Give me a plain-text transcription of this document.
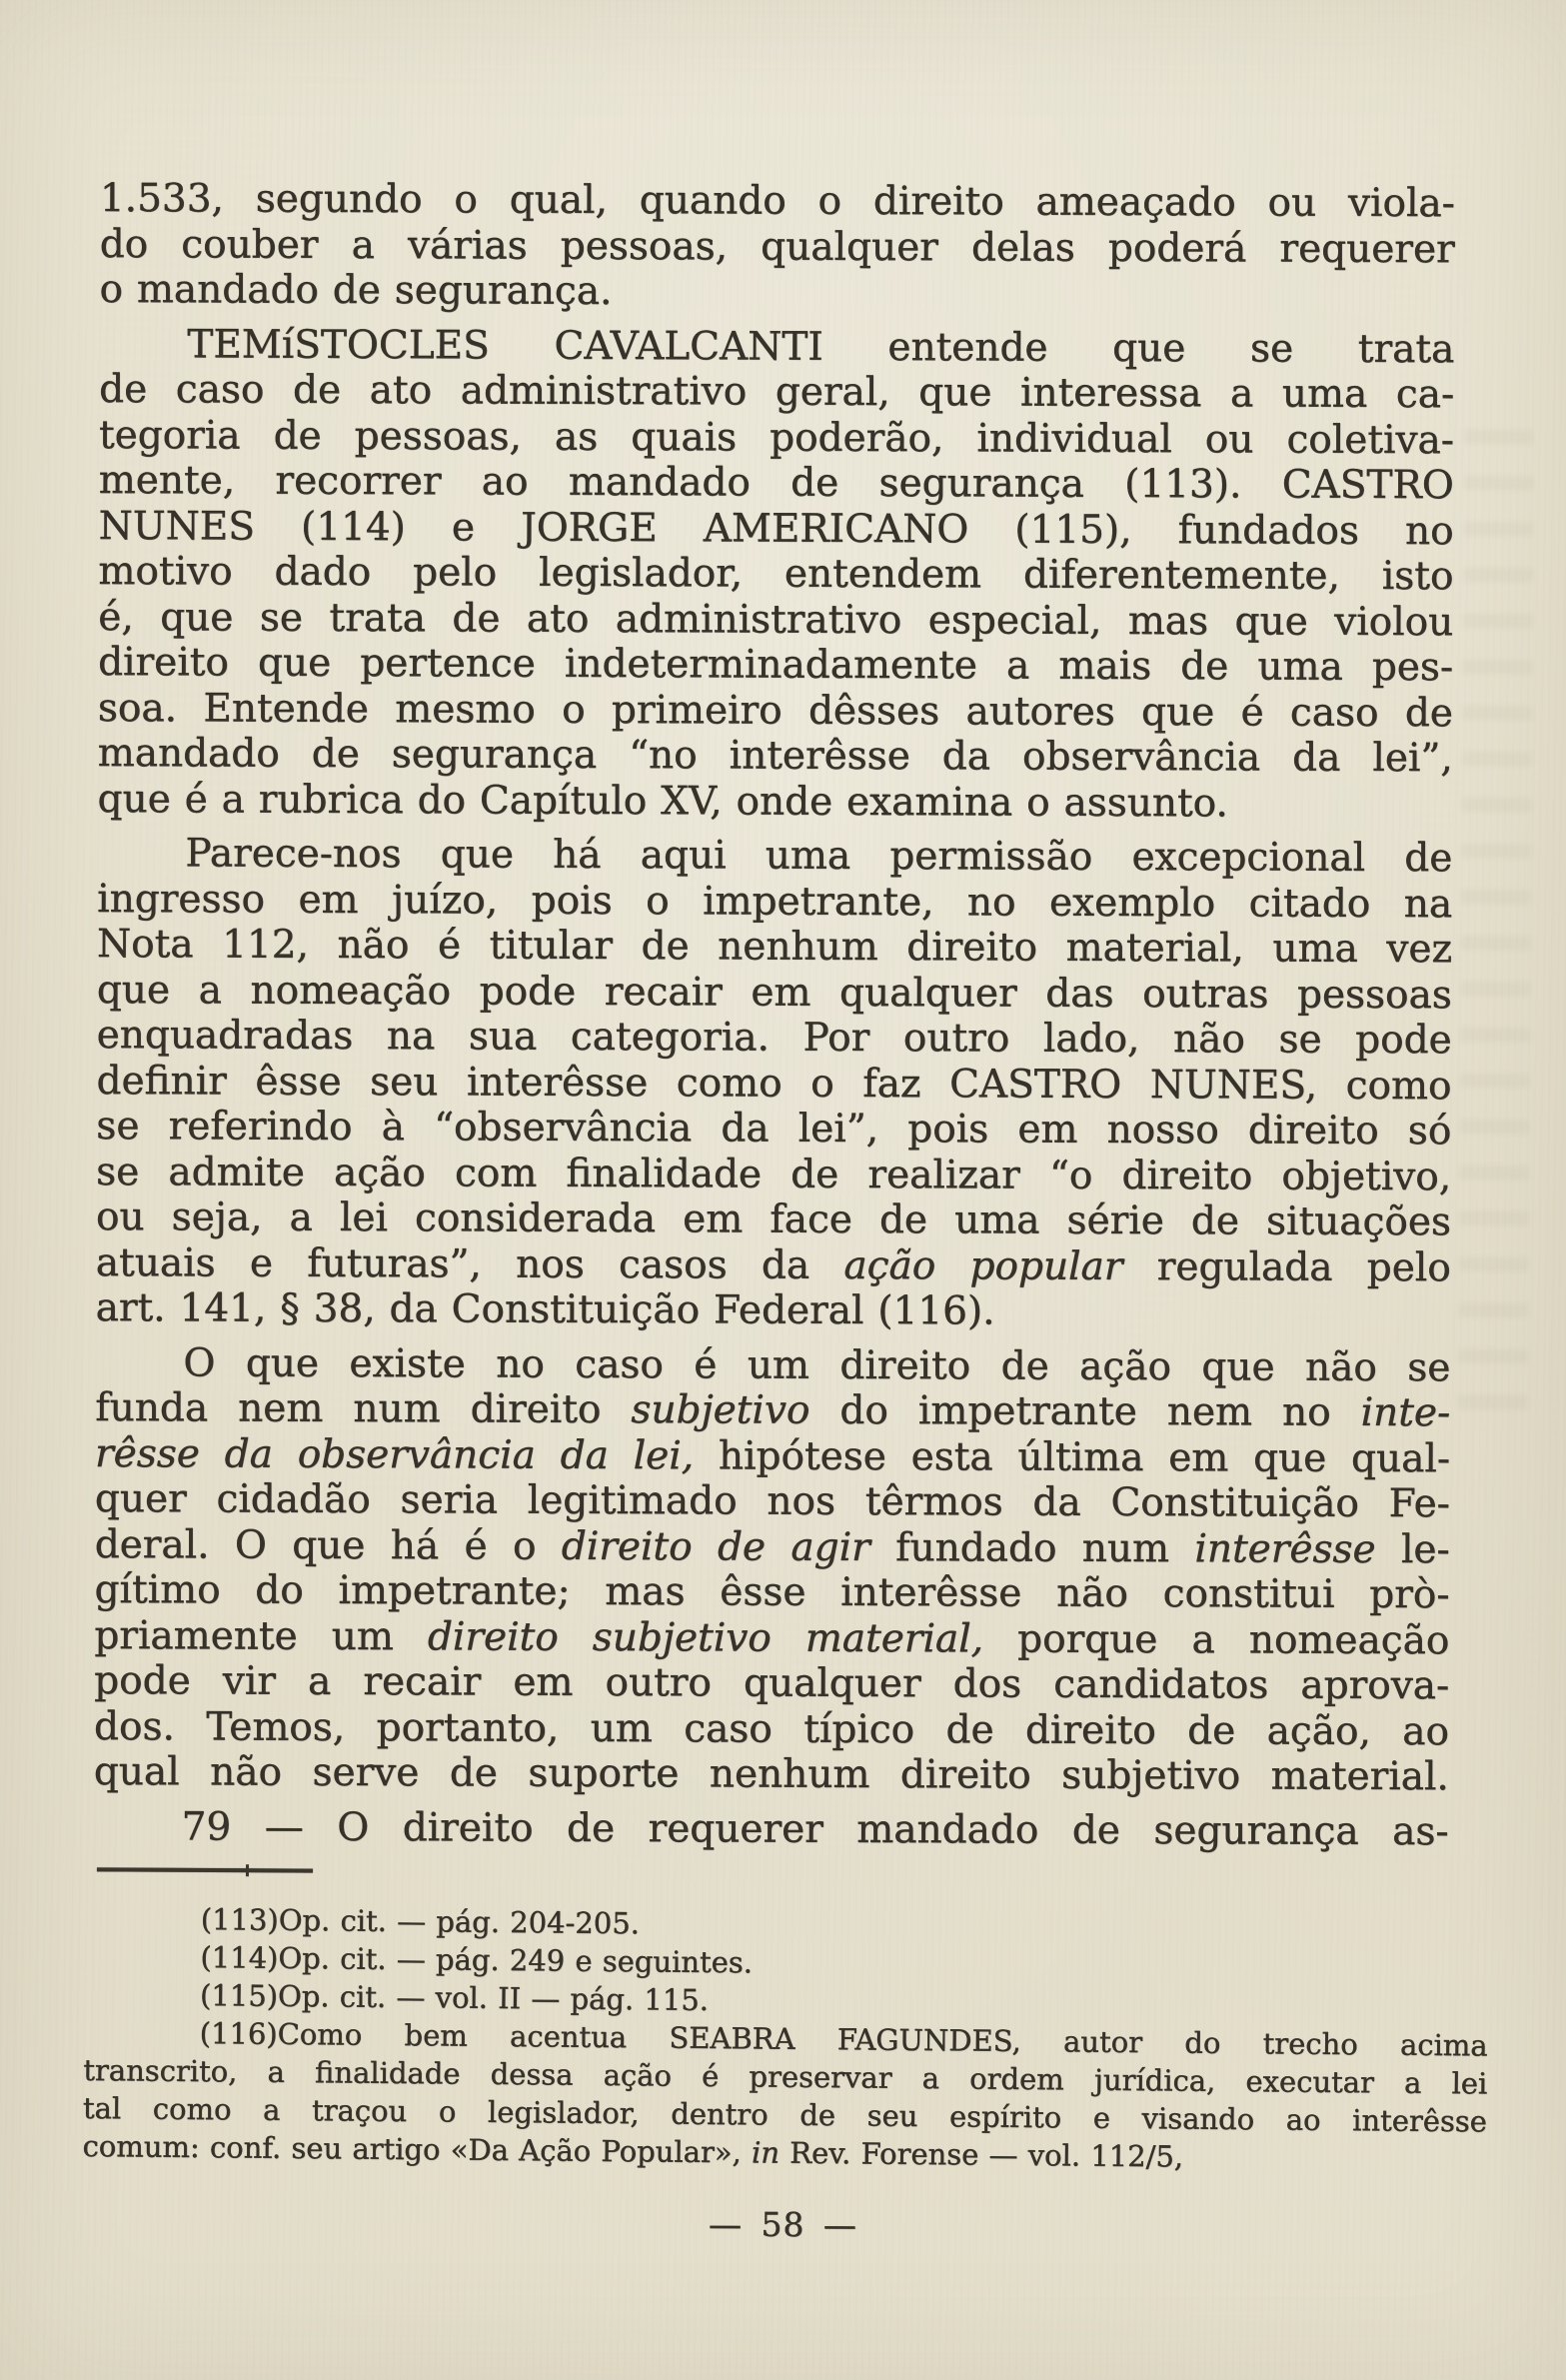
1.533, segundo o qual, quando o direito ameaçado ou viola-
do couber a várias pessoas, qualquer delas poderá requerer
o mandado de segurança.
TEMíSTOCLES CAVALCANTI entende que se trata
de caso de ato administrativo geral, que interessa a uma ca-
tegoria de pessoas, as quais poderão, individual ou coletiva-
mente, recorrer ao mandado de segurança (113). CASTRO
NUNES (114) e JORGE AMERICANO (115), fundados no
motivo dado pelo legislador, entendem diferentemente, isto
é, que se trata de ato administrativo especial, mas que violou
direito que pertence indeterminadamente a mais de uma pes-
soa. Entende mesmo o primeiro dêsses autores que é caso de
mandado de segurança “no interêsse da observância da lei”,
que é a rubrica do Capítulo XV, onde examina o assunto.
Parece-nos que há aqui uma permissão excepcional de
ingresso em juízo, pois o impetrante, no exemplo citado na
Nota 112, não é titular de nenhum direito material, uma vez
que a nomeação pode recair em qualquer das outras pessoas
enquadradas na sua categoria. Por outro lado, não se pode
definir êsse seu interêsse como o faz CASTRO NUNES, como
se referindo à “observância da lei”, pois em nosso direito só
se admite ação com finalidade de realizar “o direito objetivo,
ou seja, a lei considerada em face de uma série de situações
atuais e futuras”, nos casos da ação popular regulada pelo
art. 141, § 38, da Constituição Federal (116).
O que existe no caso é um direito de ação que não se
funda nem num direito subjetivo do impetrante nem no inte-
rêsse da observância da lei, hipótese esta última em que qual-
quer cidadão seria legitimado nos têrmos da Constituição Fe-
deral. O que há é o direito de agir fundado num interêsse le-
gítimo do impetrante; mas êsse interêsse não constitui prò-
priamente um direito subjetivo material, porque a nomeação
pode vir a recair em outro qualquer dos candidatos aprova-
dos. Temos, portanto, um caso típico de direito de ação, ao
qual não serve de suporte nenhum direito subjetivo material.
79 — O direito de requerer mandado de segurança as-
(113)Op. cit. — pág. 204-205.
(114)Op. cit. — pág. 249 e seguintes.
(115)Op. cit. — vol. II — pág. 115.
(116)Como bem acentua SEABRA FAGUNDES, autor do trecho acima
transcrito, a finalidade dessa ação é preservar a ordem jurídica, executar a lei
tal como a traçou o legislador, dentro de seu espírito e visando ao interêsse
comum: conf. seu artigo «Da Ação Popular», in Rev. Forense — vol. 112/5,
— 58 —
